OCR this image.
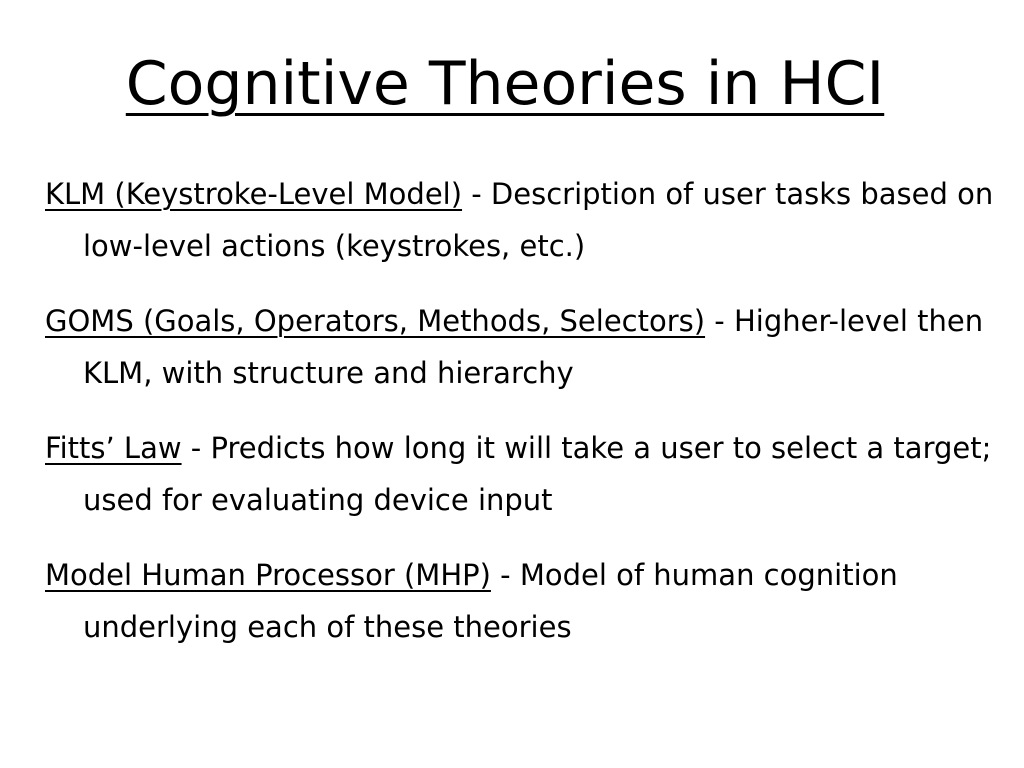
Cognitive Theories in HCI
KLM (Keystroke-Level Model) - Description of user tasks based on low-level actions (keystrokes, etc.)
GOMS (Goals, Operators, Methods, Selectors) - Higher-level then KLM, with structure and hierarchy
Fitts’ Law - Predicts how long it will take a user to select a target; used for evaluating device input
Model Human Processor (MHP) - Model of human cognition underlying each of these theories
